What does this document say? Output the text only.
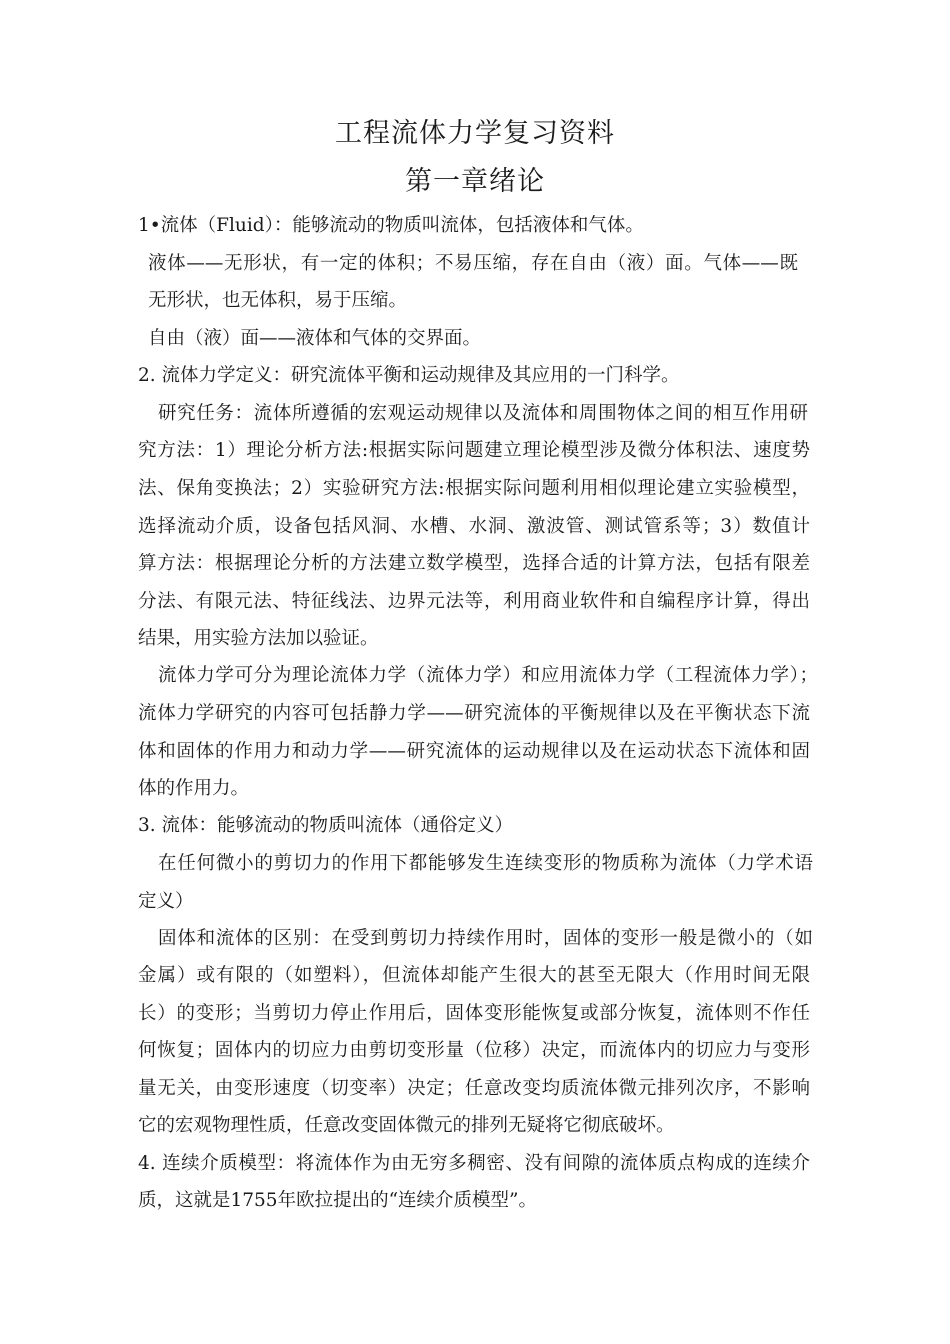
工程流体力学复习资料
第一章绪论
1•流体（Fluid）：能够流动的物质叫流体，包括液体和气体。
液体——无形状，有一定的体积；不易压缩，存在自由（液）面。气体——既
无形状，也无体积，易于压缩。
自由（液）面——液体和气体的交界面。
2. 流体力学定义：研究流体平衡和运动规律及其应用的一门科学。
研究任务：流体所遵循的宏观运动规律以及流体和周围物体之间的相互作用研
究方法：1）理论分析方法:根据实际问题建立理论模型涉及微分体积法、速度势
法、保角变换法；2）实验研究方法:根据实际问题利用相似理论建立实验模型，
选择流动介质，设备包括风洞、水槽、水洞、激波管、测试管系等；3）数值计
算方法：根据理论分析的方法建立数学模型，选择合适的计算方法，包括有限差
分法、有限元法、特征线法、边界元法等，利用商业软件和自编程序计算，得出
结果，用实验方法加以验证。
流体力学可分为理论流体力学（流体力学）和应用流体力学（工程流体力学）；
流体力学研究的内容可包括静力学——研究流体的平衡规律以及在平衡状态下流
体和固体的作用力和动力学——研究流体的运动规律以及在运动状态下流体和固
体的作用力。
3. 流体：能够流动的物质叫流体（通俗定义）
在任何微小的剪切力的作用下都能够发生连续变形的物质称为流体（力学术语
定义）
固体和流体的区别：在受到剪切力持续作用时，固体的变形一般是微小的（如
金属）或有限的（如塑料），但流体却能产生很大的甚至无限大（作用时间无限
长）的变形；当剪切力停止作用后，固体变形能恢复或部分恢复，流体则不作任
何恢复；固体内的切应力由剪切变形量（位移）决定，而流体内的切应力与变形
量无关，由变形速度（切变率）决定；任意改变均质流体微元排列次序，不影响
它的宏观物理性质，任意改变固体微元的排列无疑将它彻底破坏。
4. 连续介质模型：将流体作为由无穷多稠密、没有间隙的流体质点构成的连续介
质，这就是1755年欧拉提出的“连续介质模型”。
